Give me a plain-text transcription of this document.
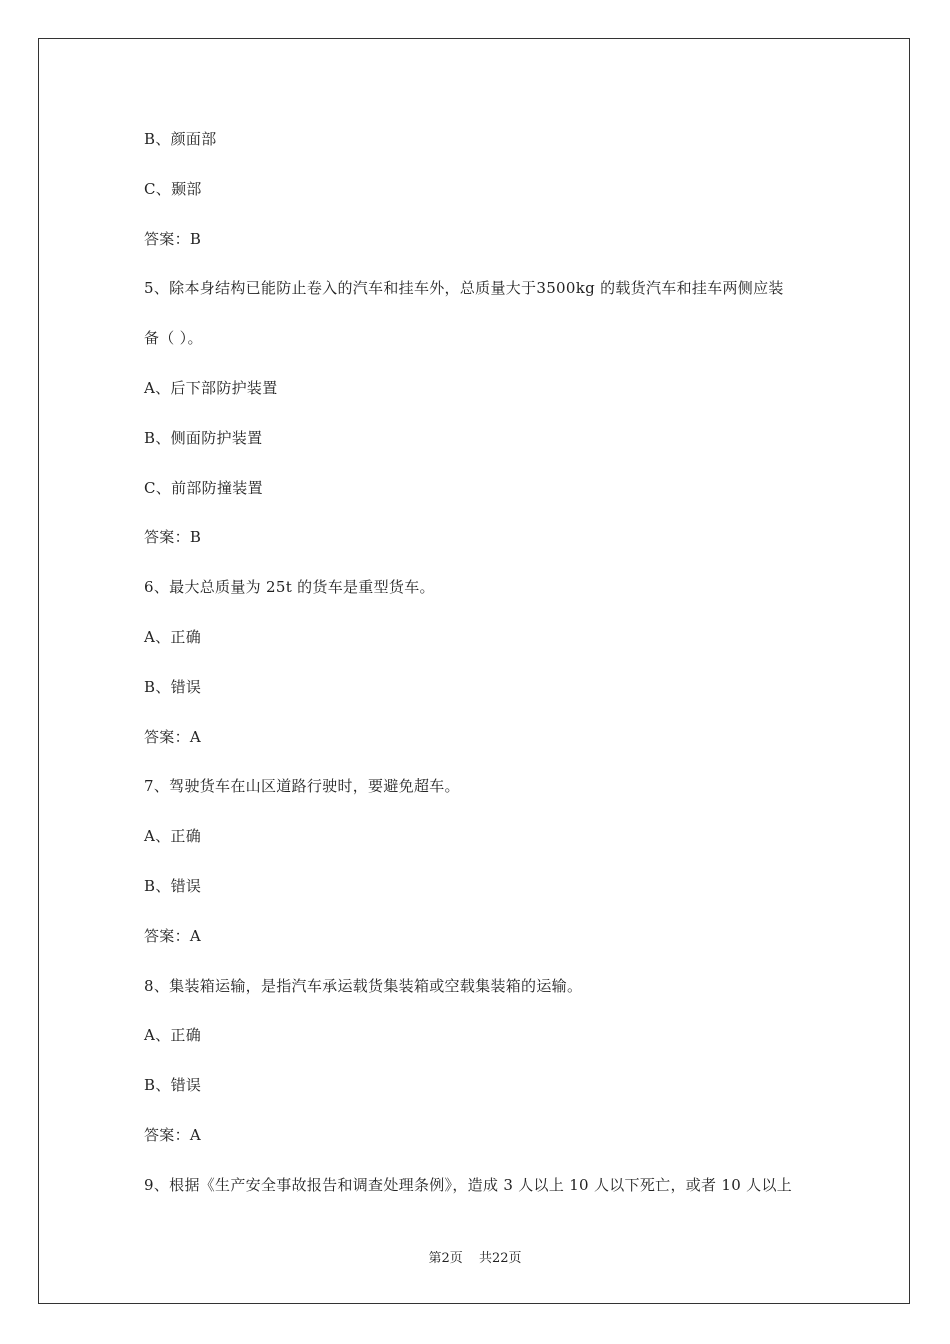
B、颜面部
C、颞部
答案：B
5、除本身结构已能防止卷入的汽车和挂车外，总质量大于3500kg 的载货汽车和挂车两侧应装
备（ ）。
A、后下部防护装置
B、侧面防护装置
C、前部防撞装置
答案：B
6、最大总质量为 25t 的货车是重型货车。
A、正确
B、错误
答案：A
7、驾驶货车在山区道路行驶时，要避免超车。
A、正确
B、错误
答案：A
8、集装箱运输，是指汽车承运载货集装箱或空载集装箱的运输。
A、正确
B、错误
答案：A
9、根据《生产安全事故报告和调查处理条例》，造成 3 人以上 10 人以下死亡，或者 10 人以上
第2页 共22页
